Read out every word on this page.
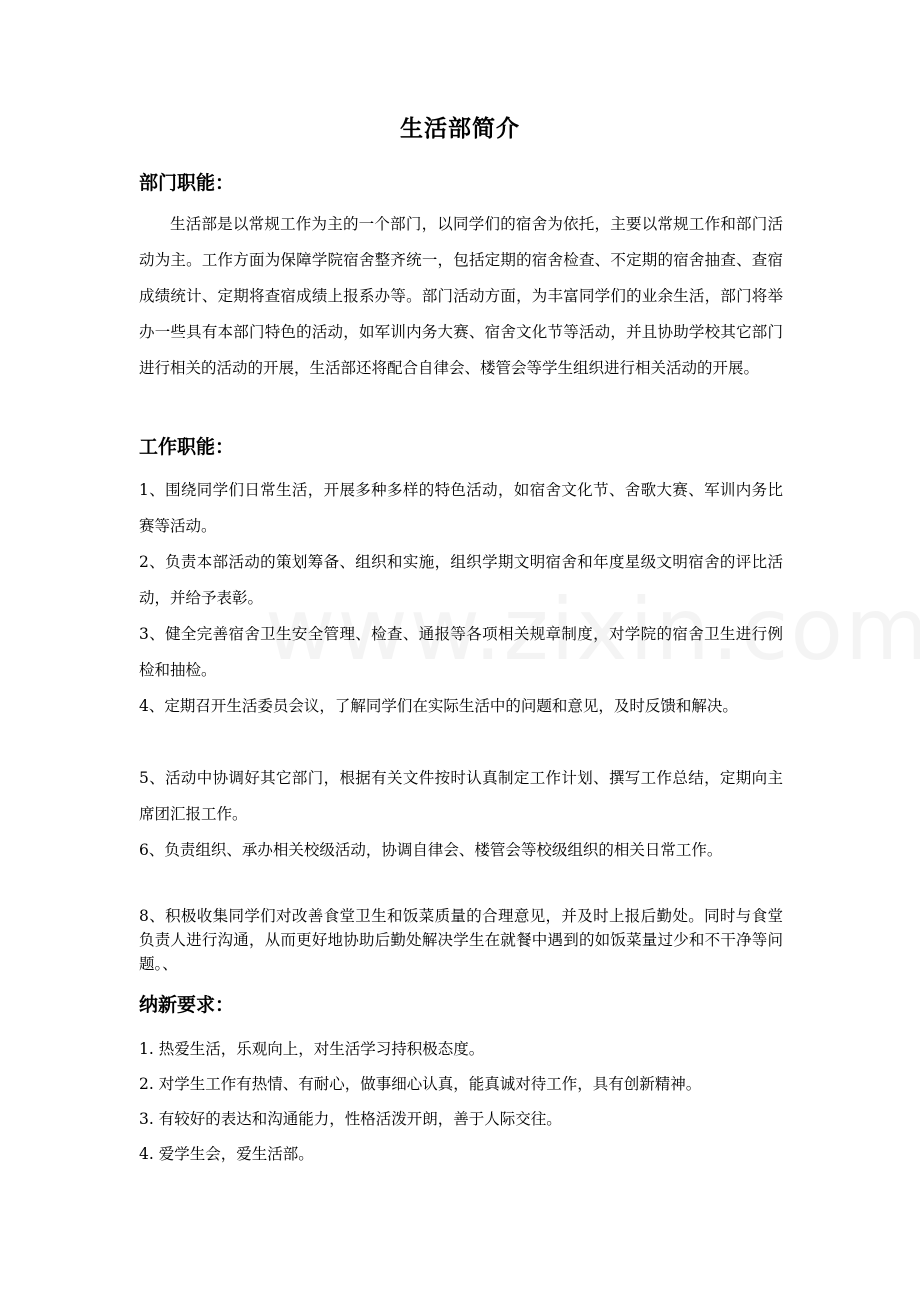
生活部简介
部门职能：

生活部是以常规工作为主的一个部门，以同学们的宿舍为依托，主要以常规工作和部门活动为主。工作方面为保障学院宿舍整齐统一，包括定期的宿舍检查、不定期的宿舍抽查、查宿成绩统计、定期将查宿成绩上报系办等。部门活动方面，为丰富同学们的业余生活，部门将举办一些具有本部门特色的活动，如军训内务大赛、宿舍文化节等活动，并且协助学校其它部门进行相关的活动的开展，生活部还将配合自律会、楼管会等学生组织进行相关活动的开展。

工作职能：

1、围绕同学们日常生活，开展多种多样的特色活动，如宿舍文化节、舍歌大赛、军训内务比赛等活动。

2、负责本部活动的策划筹备、组织和实施，组织学期文明宿舍和年度星级文明宿舍的评比活动，并给予表彰。

3、健全完善宿舍卫生安全管理、检查、通报等各项相关规章制度，对学院的宿舍卫生进行例检和抽检。

4、定期召开生活委员会议，了解同学们在实际生活中的问题和意见，及时反馈和解决。

5、活动中协调好其它部门，根据有关文件按时认真制定工作计划、撰写工作总结，定期向主席团汇报工作。

6、负责组织、承办相关校级活动，协调自律会、楼管会等校级组织的相关日常工作。

8、积极收集同学们对改善食堂卫生和饭菜质量的合理意见，并及时上报后勤处。同时与食堂负责人进行沟通，从而更好地协助后勤处解决学生在就餐中遇到的如饭菜量过少和不干净等问题。、

纳新要求：

1. 热爱生活，乐观向上，对生活学习持积极态度。

2. 对学生工作有热情、有耐心，做事细心认真，能真诚对待工作，具有创新精神。

3. 有较好的表达和沟通能力，性格活泼开朗，善于人际交往。

4. 爱学生会，爱生活部。
